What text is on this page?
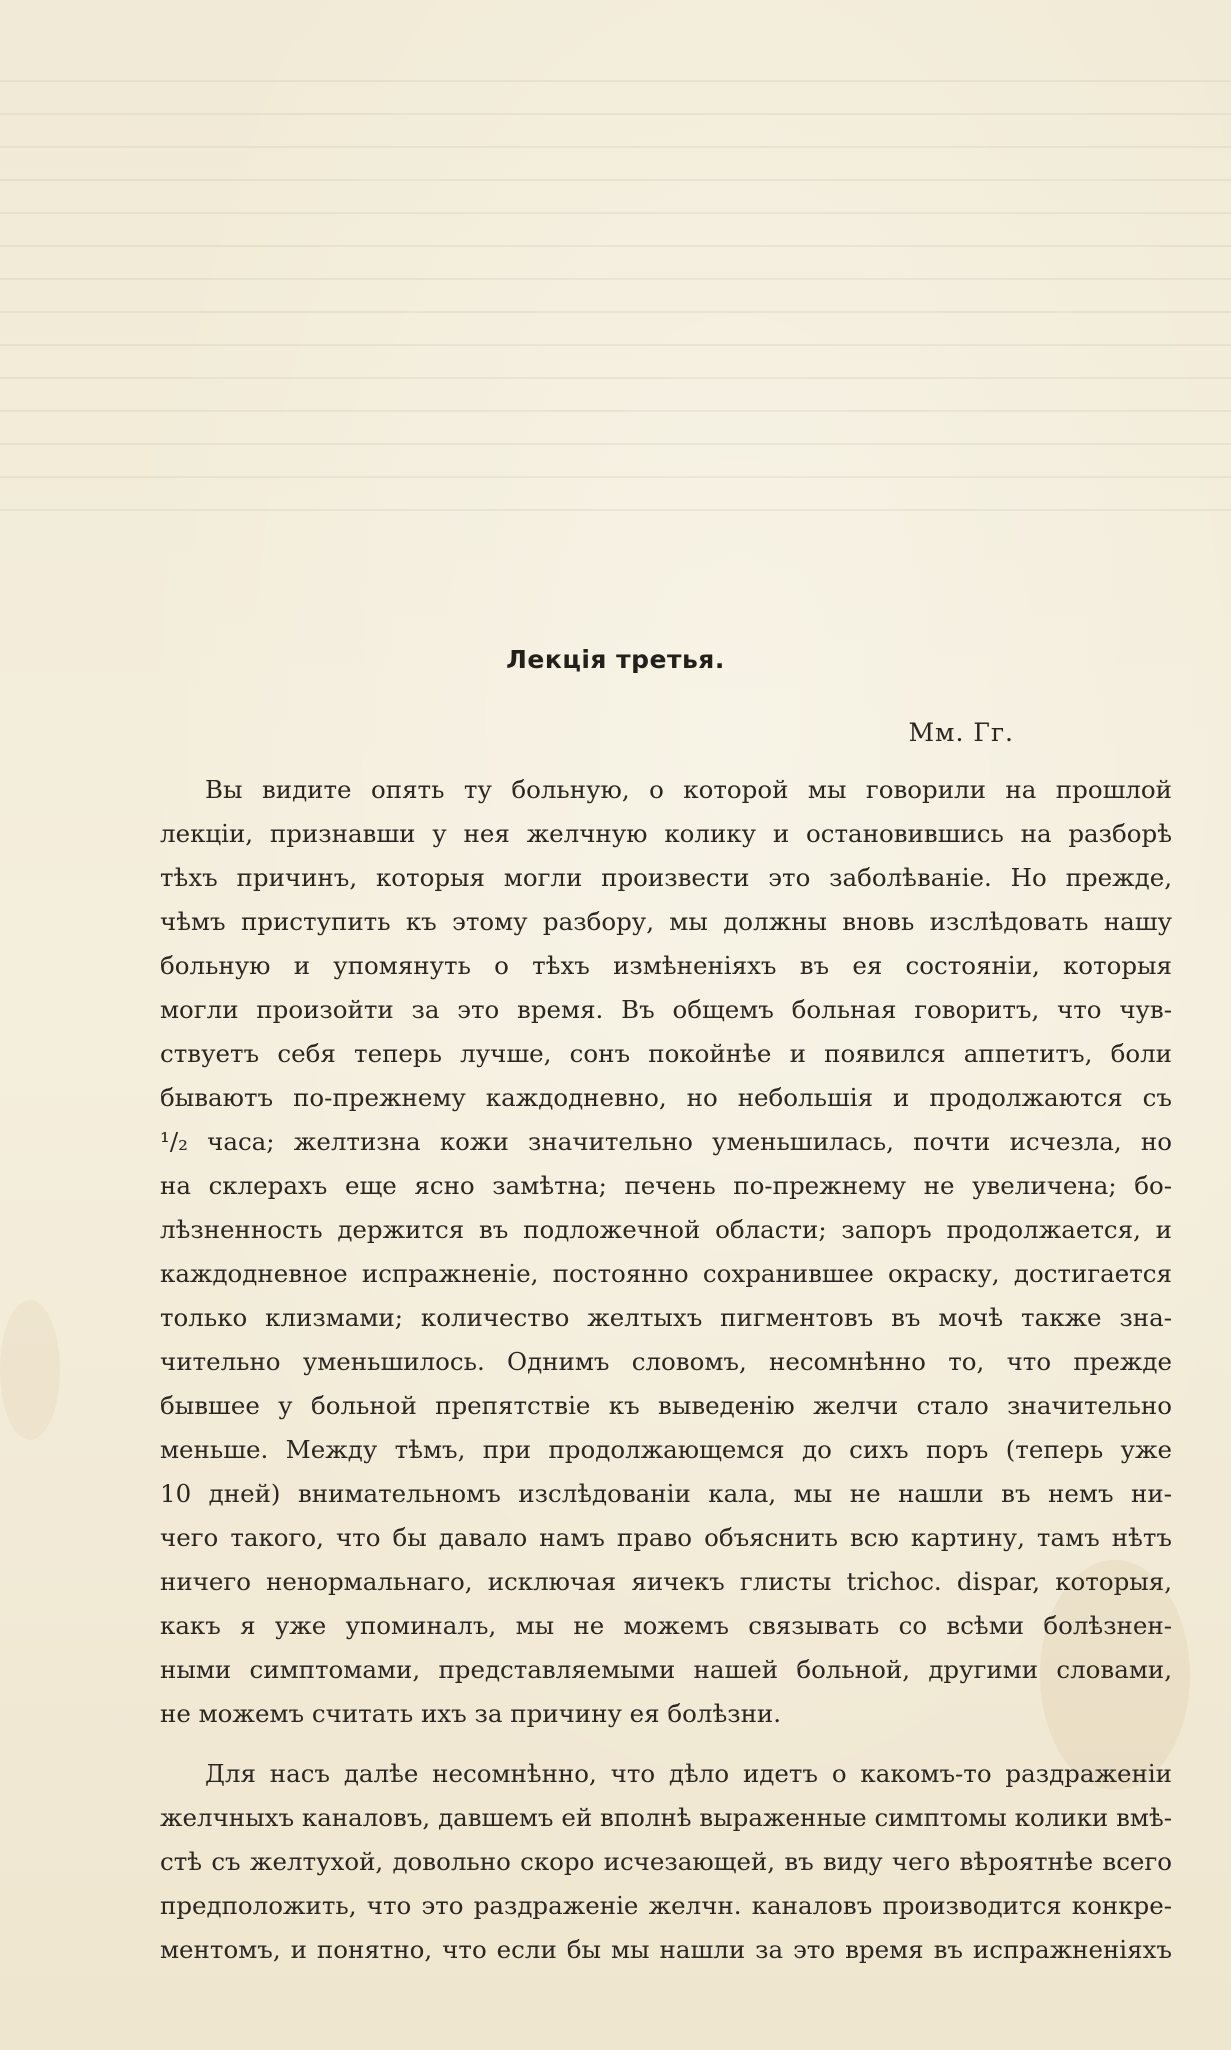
Лекцiя третья.
Мм. Гг.
Вы видите опять ту больную, о которой мы говорили на прошлой
лекцiи, признавши у нея желчную колику и остановившись на разборѣ
тѣхъ причинъ, которыя могли произвести это заболѣванiе. Но прежде,
чѣмъ приступить къ этому разбору, мы должны вновь изслѣдовать нашу
больную и упомянуть о тѣхъ измѣненiяхъ въ ея состоянiи, которыя
могли произойти за это время. Въ общемъ больная говоритъ, что чув-
ствуетъ себя теперь лучше, сонъ покойнѣе и появился аппетитъ, боли
бываютъ по-прежнему каждодневно, но небольшiя и продолжаются съ
¹/₂ часа; желтизна кожи значительно уменьшилась, почти исчезла, но
на склерахъ еще ясно замѣтна; печень по-прежнему не увеличена; бо-
лѣзненность держится въ подложечной области; запоръ продолжается, и
каждодневное испражненiе, постоянно сохранившее окраску, достигается
только клизмами; количество желтыхъ пигментовъ въ мочѣ также зна-
чительно уменьшилось. Однимъ словомъ, несомнѣнно то, что прежде
бывшее у больной препятствiе къ выведенiю желчи стало значительно
меньше. Между тѣмъ, при продолжающемся до сихъ поръ (теперь уже
10 дней) внимательномъ изслѣдованiи кала, мы не нашли въ немъ ни-
чего такого, что бы давало намъ право объяснить всю картину, тамъ нѣтъ
ничего ненормальнаго, исключая яичекъ глисты trichoc. dispar, которыя,
какъ я уже упоминалъ, мы не можемъ связывать со всѣми болѣзнен-
ными симптомами, представляемыми нашей больной, другими словами,
не можемъ считать ихъ за причину ея болѣзни.
Для насъ далѣе несомнѣнно, что дѣло идетъ о какомъ-то раздраженiи
желчныхъ каналовъ, давшемъ ей вполнѣ выраженные симптомы колики вмѣ-
стѣ съ желтухой, довольно скоро исчезающей, въ виду чего вѣроятнѣе всего
предположить, что это раздраженiе желчн. каналовъ производится конкре-
ментомъ, и понятно, что если бы мы нашли за это время въ испражненiяхъ
